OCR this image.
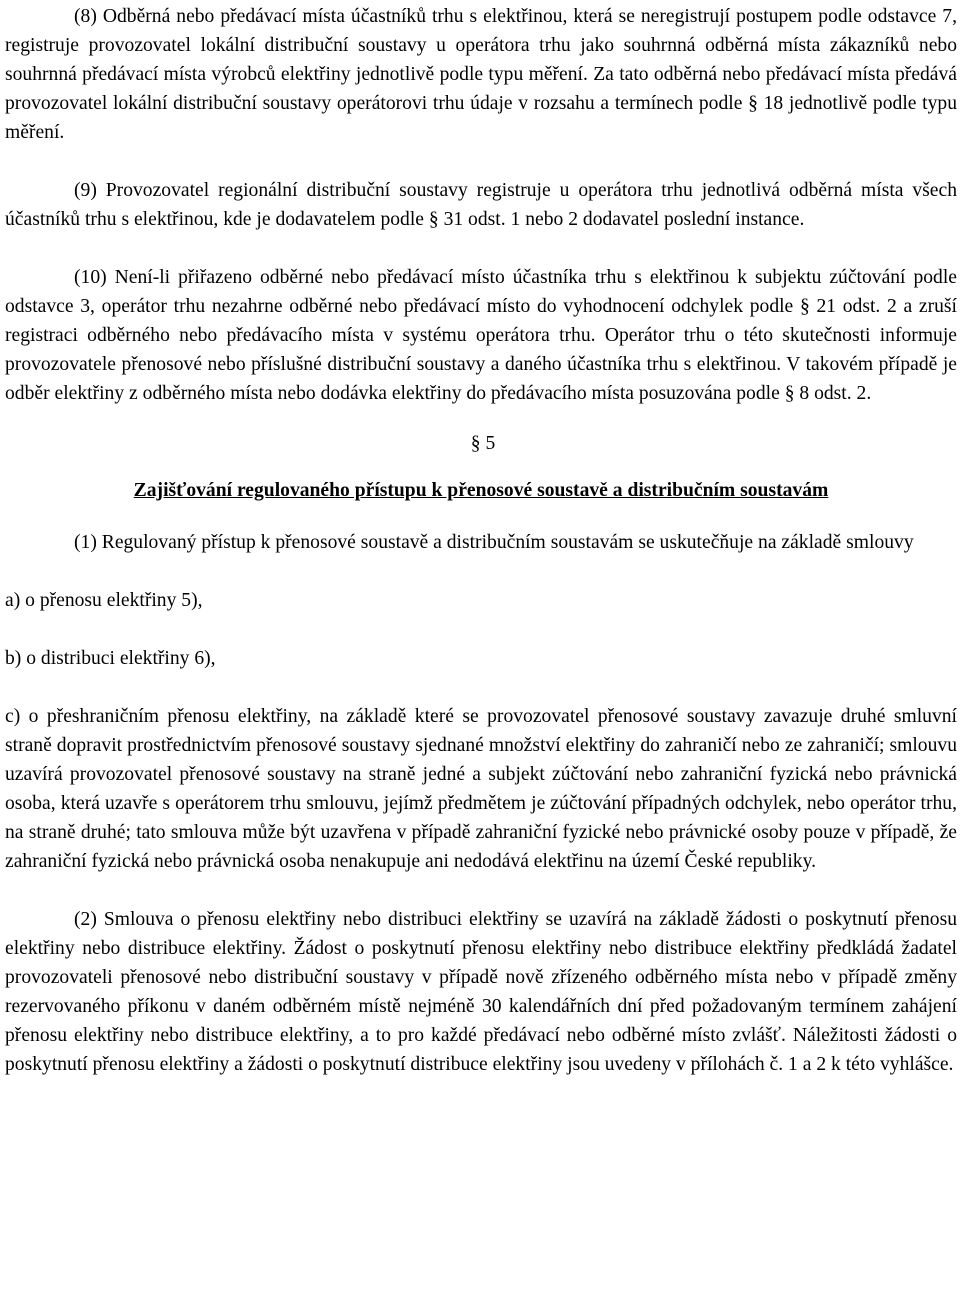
(8) Odběrná nebo předávací místa účastníků trhu s elektřinou, která se neregistrují postupem podle odstavce 7, registruje provozovatel lokální distribuční soustavy u operátora trhu jako souhrnná odběrná místa zákazníků nebo souhrnná předávací místa výrobců elektřiny jednotlivě podle typu měření. Za tato odběrná nebo předávací místa předává provozovatel lokální distribuční soustavy operátorovi trhu údaje v rozsahu a termínech podle § 18 jednotlivě podle typu měření.

(9) Provozovatel regionální distribuční soustavy registruje u operátora trhu jednotlivá odběrná místa všech účastníků trhu s elektřinou, kde je dodavatelem podle § 31 odst. 1 nebo 2 dodavatel poslední instance.

(10) Není-li přiřazeno odběrné nebo předávací místo účastníka trhu s elektřinou k subjektu zúčtování podle odstavce 3, operátor trhu nezahrne odběrné nebo předávací místo do vyhodnocení odchylek podle § 21 odst. 2 a zruší registraci odběrného nebo předávacího místa v systému operátora trhu. Operátor trhu o této skutečnosti informuje provozovatele přenosové nebo příslušné distribuční soustavy a daného účastníka trhu s elektřinou. V takovém případě je odběr elektřiny z odběrného místa nebo dodávka elektřiny do předávacího místa posuzována podle § 8 odst. 2.

§ 5

Zajišťování regulovaného přístupu k přenosové soustavě a distribučním soustavám

(1) Regulovaný přístup k přenosové soustavě a distribučním soustavám se uskutečňuje na základě smlouvy

a) o přenosu elektřiny 5),

b) o distribuci elektřiny 6),

c) o přeshraničním přenosu elektřiny, na základě které se provozovatel přenosové soustavy zavazuje druhé smluvní straně dopravit prostřednictvím přenosové soustavy sjednané množství elektřiny do zahraničí nebo ze zahraničí; smlouvu uzavírá provozovatel přenosové soustavy na straně jedné a subjekt zúčtování nebo zahraniční fyzická nebo právnická osoba, která uzavře s operátorem trhu smlouvu, jejímž předmětem je zúčtování případných odchylek, nebo operátor trhu, na straně druhé; tato smlouva může být uzavřena v případě zahraniční fyzické nebo právnické osoby pouze v případě, že zahraniční fyzická nebo právnická osoba nenakupuje ani nedodává elektřinu na území České republiky.

(2) Smlouva o přenosu elektřiny nebo distribuci elektřiny se uzavírá na základě žádosti o poskytnutí přenosu elektřiny nebo distribuce elektřiny. Žádost o poskytnutí přenosu elektřiny nebo distribuce elektřiny předkládá žadatel provozovateli přenosové nebo distribuční soustavy v případě nově zřízeného odběrného místa nebo v případě změny rezervovaného příkonu v daném odběrném místě nejméně 30 kalendářních dní před požadovaným termínem zahájení přenosu elektřiny nebo distribuce elektřiny, a to pro každé předávací nebo odběrné místo zvlášť. Náležitosti žádosti o poskytnutí přenosu elektřiny a žádosti o poskytnutí distribuce elektřiny jsou uvedeny v přílohách č. 1 a 2 k této vyhlášce.
